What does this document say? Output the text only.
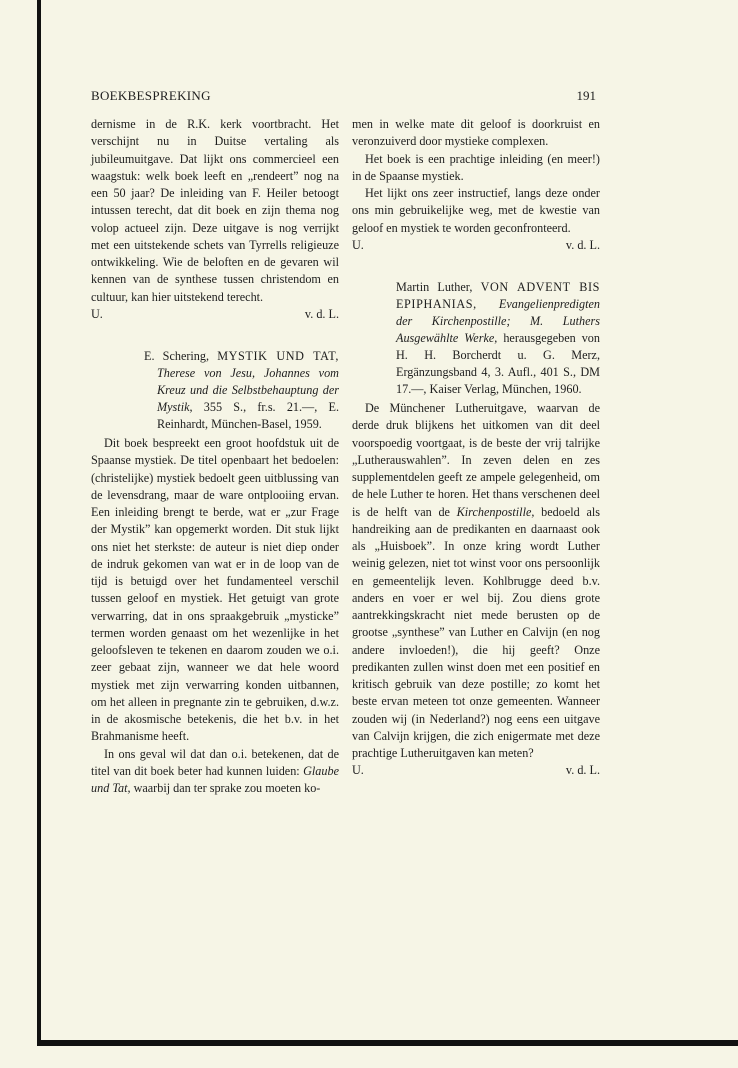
BOEKBESPREKING	191

dernisme in de R.K. kerk voortbracht. Het verschijnt nu in Duitse vertaling als jubileumuitgave. Dat lijkt ons commercieel een waagstuk: welk boek leeft en „rendeert” nog na een 50 jaar? De inleiding van F. Heiler betoogt intussen terecht, dat dit boek en zijn thema nog volop actueel zijn. Deze uitgave is nog verrijkt met een uitstekende schets van Tyrrells religieuze ontwikkeling. Wie de beloften en de gevaren wil kennen van de synthese tussen christendom en cultuur, kan hier uitstekend terecht.

U.	v. d. L.
E. Schering, MYSTIK UND TAT, Therese von Jesu, Johannes vom Kreuz und die Selbstbehauptung der Mystik, 355 S., fr.s. 21.—, E. Reinhardt, München-Basel, 1959.

Dit boek bespreekt een groot hoofdstuk uit de Spaanse mystiek. De titel openbaart het bedoelen: (christelijke) mystiek bedoelt geen uitblussing van de levensdrang, maar de ware ontplooiing ervan. Een inleiding brengt te berde, wat er „zur Frage der Mystik” kan opgemerkt worden. Dit stuk lijkt ons niet het sterkste: de auteur is niet diep onder de indruk gekomen van wat er in de loop van de tijd is betuigd over het fundamenteel verschil tussen geloof en mystiek. Het getuigt van grote verwarring, dat in ons spraakgebruik „mysticke” termen worden genaast om het wezenlijke in het geloofsleven te tekenen en daarom zouden we o.i. zeer gebaat zijn, wanneer we dat hele woord mystiek met zijn verwarring konden uitbannen, om het alleen in pregnante zin te gebruiken, d.w.z. in de akosmische betekenis, die het b.v. in het Brahmanisme heeft.

In ons geval wil dat dan o.i. betekenen, dat de titel van dit boek beter had kunnen luiden: Glaube und Tat, waarbij dan ter sprake zou moeten ko-

men in welke mate dit geloof is doorkruist en veronzuiverd door mystieke complexen.

Het boek is een prachtige inleiding (en meer!) in de Spaanse mystiek.

Het lijkt ons zeer instructief, langs deze onder ons min gebruikelijke weg, met de kwestie van geloof en mystiek te worden geconfronteerd.

U.	v. d. L.
Martin Luther, VON ADVENT BIS EPIPHANIAS, Evangelienpredigten der Kirchenpostille; M. Luthers Ausgewählte Werke, herausgegeben von H. H. Borcherdt u. G. Merz, Ergänzungsband 4, 3. Aufl., 401 S., DM 17.—, Kaiser Verlag, München, 1960.

De Münchener Lutheruitgave, waarvan de derde druk blijkens het uitkomen van dit deel voorspoedig voortgaat, is de beste der vrij talrijke „Lutherauswahlen”. In zeven delen en zes supplementdelen geeft ze ampele gelegenheid, om de hele Luther te horen. Het thans verschenen deel is de helft van de Kirchenpostille, bedoeld als handreiking aan de predikanten en daarnaast ook als „Huisboek”. In onze kring wordt Luther weinig gelezen, niet tot winst voor ons persoonlijk en gemeentelijk leven. Kohlbrugge deed b.v. anders en voer er wel bij. Zou diens grote aantrekkingskracht niet mede berusten op de grootse „synthese” van Luther en Calvijn (en nog andere invloeden!), die hij geeft? Onze predikanten zullen winst doen met een positief en kritisch gebruik van deze postille; zo komt het beste ervan meteen tot onze gemeenten. Wanneer zouden wij (in Nederland?) nog eens een uitgave van Calvijn krijgen, die zich enigermate met deze prachtige Lutheruitgaven kan meten?

U.	v. d. L.
